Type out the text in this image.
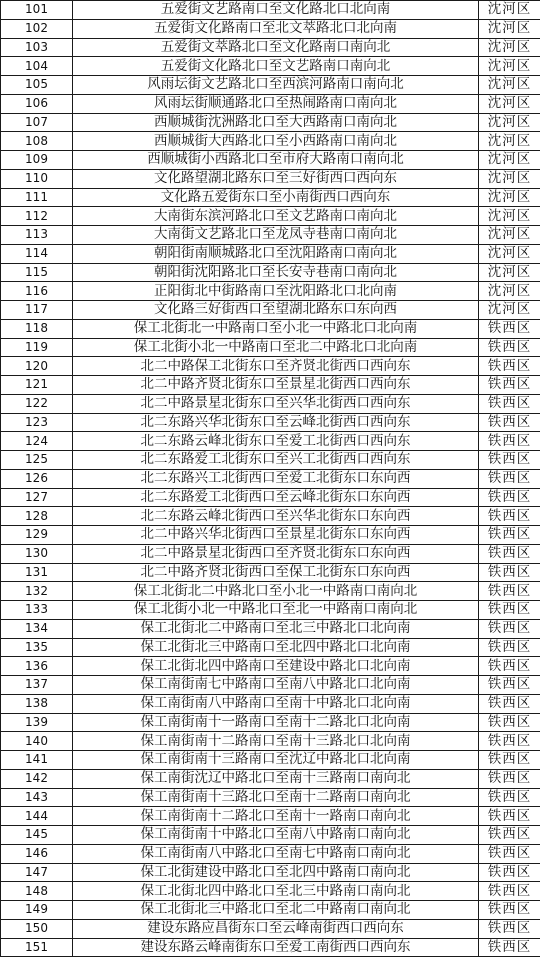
101	五爱街文艺路南口至文化路北口北向南	沈河区
102	五爱街文化路南口至北文萃路北口北向南	沈河区
103	五爱街文萃路北口至文化路南口南向北	沈河区
104	五爱街文化路北口至文艺路南口南向北	沈河区
105	风雨坛街文艺路北口至西滨河路南口南向北	沈河区
106	风雨坛街顺通路北口至热闹路南口南向北	沈河区
107	西顺城街沈洲路北口至大西路南口南向北	沈河区
108	西顺城街大西路北口至小西路南口南向北	沈河区
109	西顺城街小西路北口至市府大路南口南向北	沈河区
110	文化路望湖北路东口至三好街西口西向东	沈河区
111	文化路五爱街东口至小南街西口西向东	沈河区
112	大南街东滨河路北口至文艺路南口南向北	沈河区
113	大南街文艺路北口至龙凤寺巷南口南向北	沈河区
114	朝阳街南顺城路北口至沈阳路南口南向北	沈河区
115	朝阳街沈阳路北口至长安寺巷南口南向北	沈河区
116	正阳街北中街路南口至沈阳路北口北向南	沈河区
117	文化路三好街西口至望湖北路东口东向西	沈河区
118	保工北街北一中路南口至小北一中路北口北向南	铁西区
119	保工北街小北一中路南口至北二中路北口北向南	铁西区
120	北二中路保工北街东口至齐贤北街西口西向东	铁西区
121	北二中路齐贤北街东口至景星北街西口西向东	铁西区
122	北二中路景星北街东口至兴华北街西口西向东	铁西区
123	北二东路兴华北街东口至云峰北街西口西向东	铁西区
124	北二东路云峰北街东口至爱工北街西口西向东	铁西区
125	北二东路爱工北街东口至兴工北街西口西向东	铁西区
126	北二东路兴工北街西口至爱工北街东口东向西	铁西区
127	北二东路爱工北街西口至云峰北街东口东向西	铁西区
128	北二东路云峰北街西口至兴华北街东口东向西	铁西区
129	北二中路兴华北街西口至景星北街东口东向西	铁西区
130	北二中路景星北街西口至齐贤北街东口东向西	铁西区
131	北二中路齐贤北街西口至保工北街东口东向西	铁西区
132	保工北街北二中路北口至小北一中路南口南向北	铁西区
133	保工北街小北一中路北口至北一中路南口南向北	铁西区
134	保工北街北二中路南口至北三中路北口北向南	铁西区
135	保工北街北三中路南口至北四中路北口北向南	铁西区
136	保工北街北四中路南口至建设中路北口北向南	铁西区
137	保工南街南七中路南口至南八中路北口北向南	铁西区
138	保工南街南八中路南口至南十中路北口北向南	铁西区
139	保工南街南十一路南口至南十二路北口北向南	铁西区
140	保工南街南十二路南口至南十三路北口北向南	铁西区
141	保工南街南十三路南口至沈辽中路北口北向南	铁西区
142	保工南街沈辽中路北口至南十三路南口南向北	铁西区
143	保工南街南十三路北口至南十二路南口南向北	铁西区
144	保工南街南十二路北口至南十一路南口南向北	铁西区
145	保工南街南十中路北口至南八中路南口南向北	铁西区
146	保工南街南八中路北口至南七中路南口南向北	铁西区
147	保工北街建设中路北口至北四中路南口南向北	铁西区
148	保工北街北四中路北口至北三中路南口南向北	铁西区
149	保工北街北三中路北口至北二中路南口南向北	铁西区
150	建设东路应昌街东口至云峰南街西口西向东	铁西区
151	建设东路云峰南街东口至爱工南街西口西向东	铁西区
